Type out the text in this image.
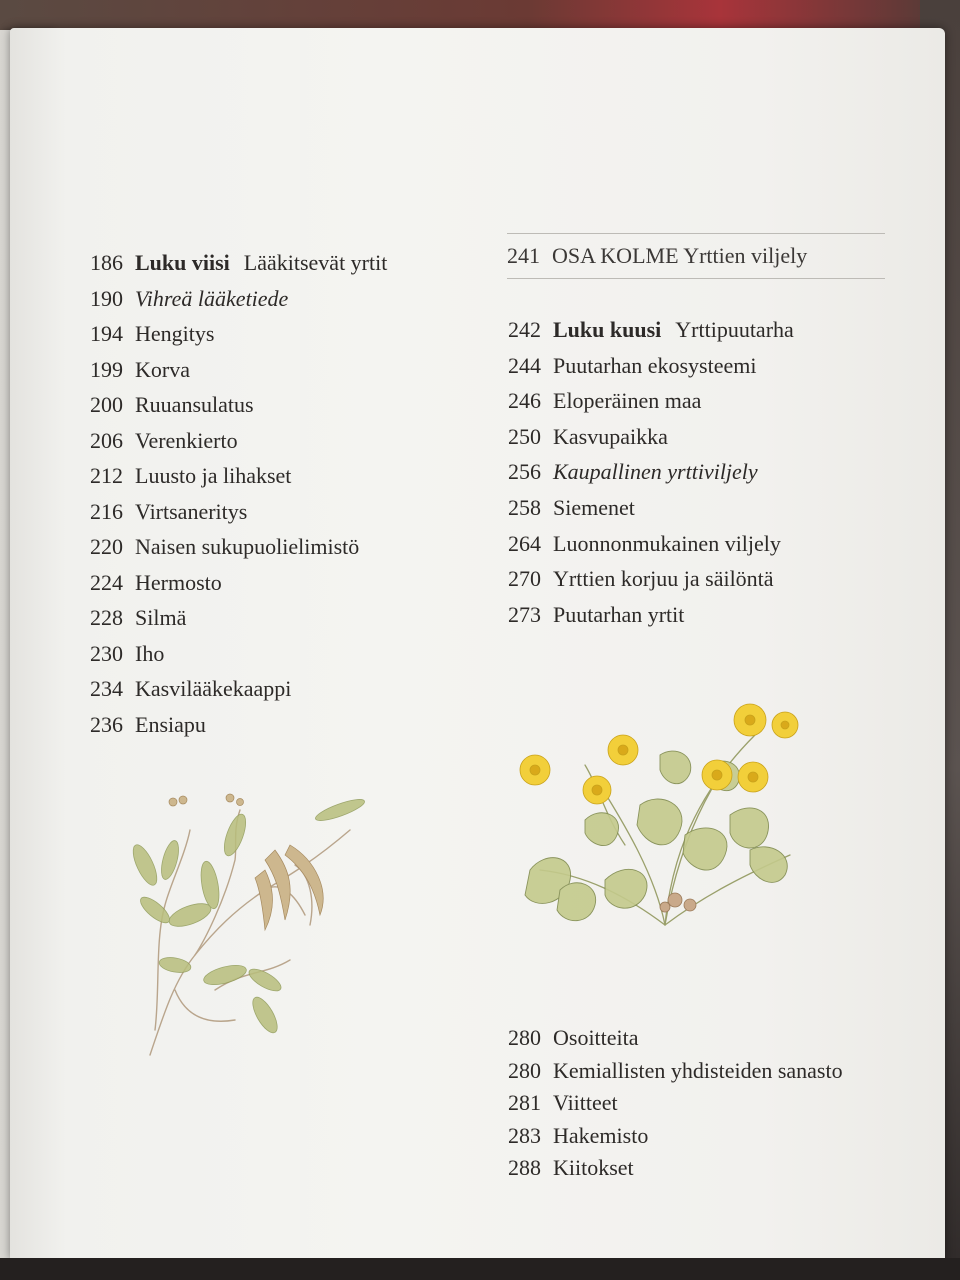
186 Luku viisi Lääkitsevät yrtit
190 Vihreä lääketiede
194 Hengitys
199 Korva
200 Ruuansulatus
206 Verenkierto
212 Luusto ja lihakset
216 Virtsaneritys
220 Naisen sukupuolielimistö
224 Hermosto
228 Silmä
230 Iho
234 Kasvilääkekaappi
236 Ensiapu
241 OSA KOLME Yrttien viljely
242 Luku kuusi Yrttipuutarha
244 Puutarhan ekosysteemi
246 Eloperäinen maa
250 Kasvupaikka
256 Kaupallinen yrttiviljely
258 Siemenet
264 Luonnonmukainen viljely
270 Yrttien korjuu ja säilöntä
273 Puutarhan yrtit
280 Osoitteita
280 Kemiallisten yhdisteiden sanasto
281 Viitteet
283 Hakemisto
288 Kiitokset
